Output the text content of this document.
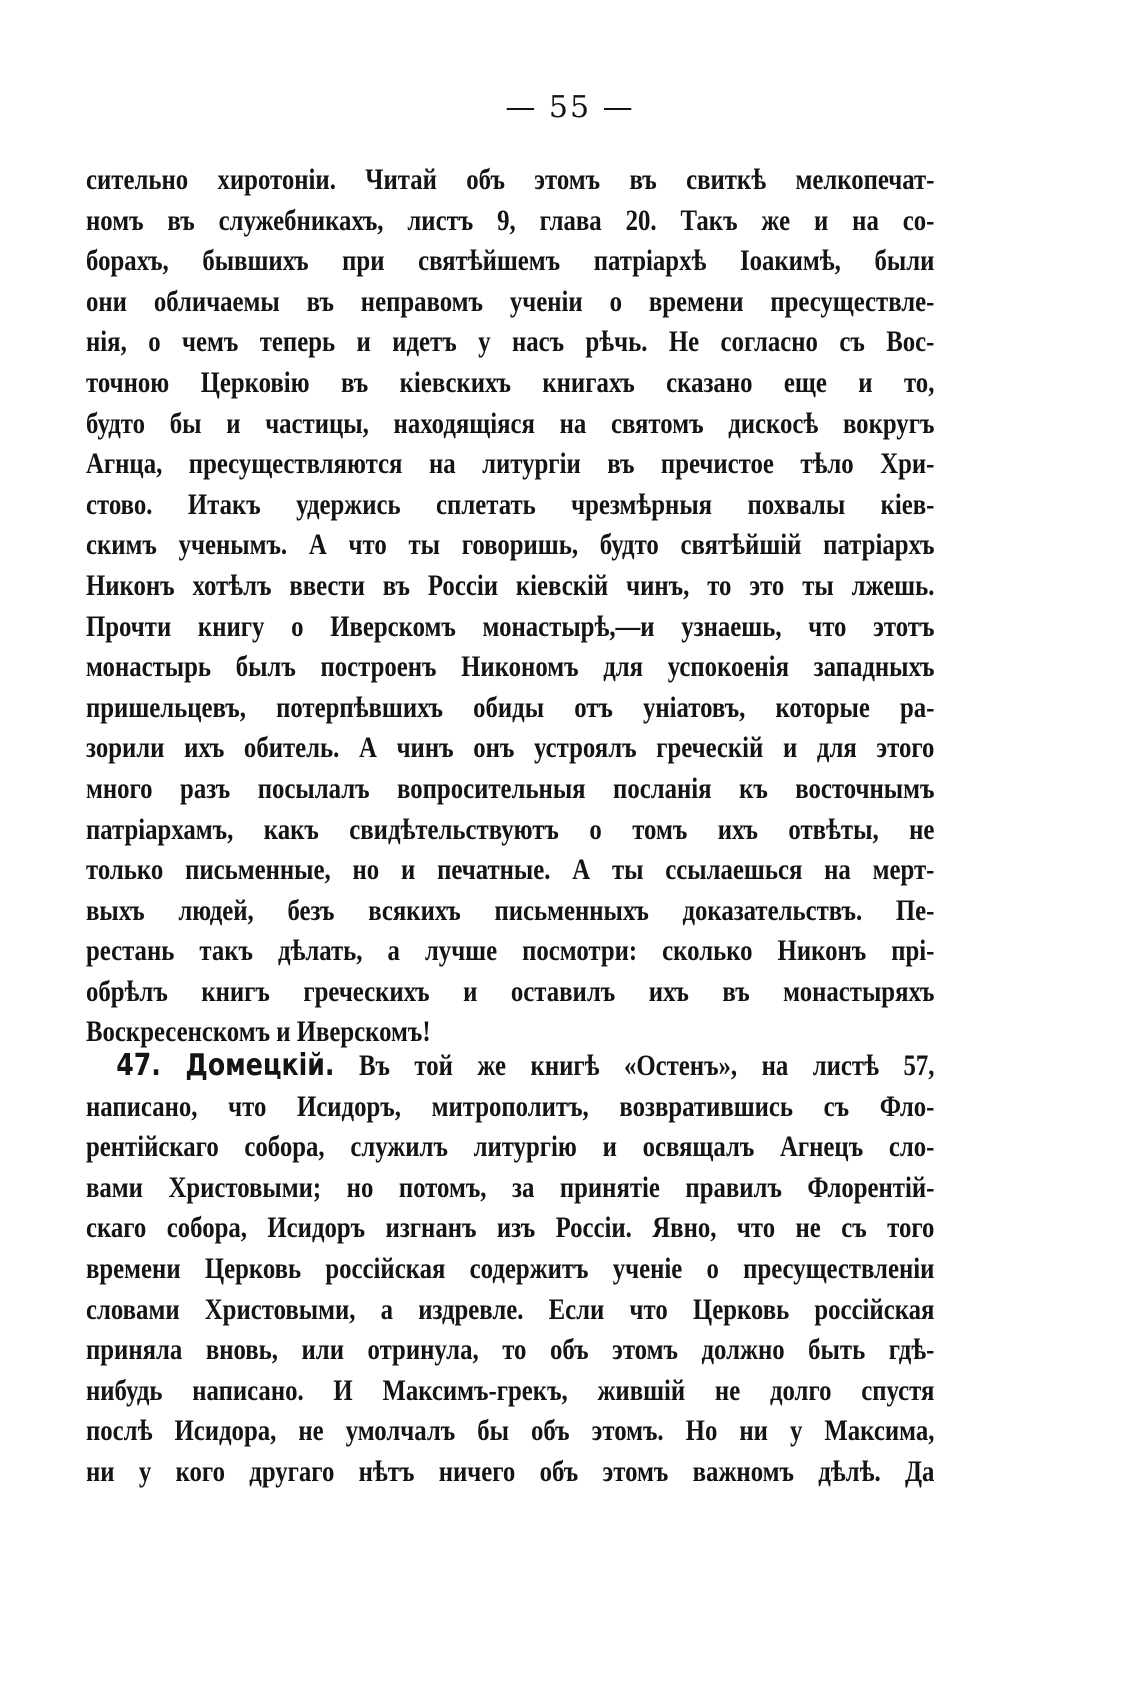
— 55 —
сительно хиротоніи. Читай объ этомъ въ свиткѣ мелкопечат-
номъ въ служебникахъ, листъ 9, глава 20. Такъ же и на со-
борахъ, бывшихъ при святѣйшемъ патріархѣ Іоакимѣ, были
они обличаемы въ неправомъ ученіи о времени пресуществле-
нія, о чемъ теперь и идетъ у насъ рѣчь. Не согласно съ Вос-
точною Церковію въ кіевскихъ книгахъ сказано еще и то,
будто бы и частицы, находящіяся на святомъ дискосѣ вокругъ
Агнца, пресуществляются на литургіи въ пречистое тѣло Хри-
стово. Итакъ удержись сплетать чрезмѣрныя похвалы кіев-
скимъ ученымъ. А что ты говоришь, будто святѣйшій патріархъ
Никонъ хотѣлъ ввести въ Россіи кіевскій чинъ, то это ты лжешь.
Прочти книгу о Иверскомъ монастырѣ,—и узнаешь, что этотъ
монастырь былъ построенъ Никономъ для успокоенія западныхъ
пришельцевъ, потерпѣвшихъ обиды отъ уніатовъ, которые ра-
зорили ихъ обитель. А чинъ онъ устроялъ греческій и для этого
много разъ посылалъ вопросительныя посланія къ восточнымъ
патріархамъ, какъ свидѣтельствуютъ о томъ ихъ отвѣты, не
только письменные, но и печатные. А ты ссылаешься на мерт-
выхъ людей, безъ всякихъ письменныхъ доказательствъ. Пе-
рестань такъ дѣлать, а лучше посмотри: сколько Никонъ прі-
обрѣлъ книгъ греческихъ и оставилъ ихъ въ монастыряхъ
Воскресенскомъ и Иверскомъ!
47. Домецкій. Въ той же книгѣ «Остенъ», на листѣ 57,
написано, что Исидоръ, митрополитъ, возвратившись съ Фло-
рентійскаго собора, служилъ литургію и освящалъ Агнецъ сло-
вами Христовыми; но потомъ, за принятіе правилъ Флорентій-
скаго собора, Исидоръ изгнанъ изъ Россіи. Явно, что не съ того
времени Церковь россійская содержитъ ученіе о пресуществленіи
словами Христовыми, а издревле. Если что Церковь россійская
приняла вновь, или отринула, то объ этомъ должно быть гдѣ-
нибудь написано. И Максимъ-грекъ, жившій не долго спустя
послѣ Исидора, не умолчалъ бы объ этомъ. Но ни у Максима,
ни у кого другаго нѣтъ ничего объ этомъ важномъ дѣлѣ. Да
